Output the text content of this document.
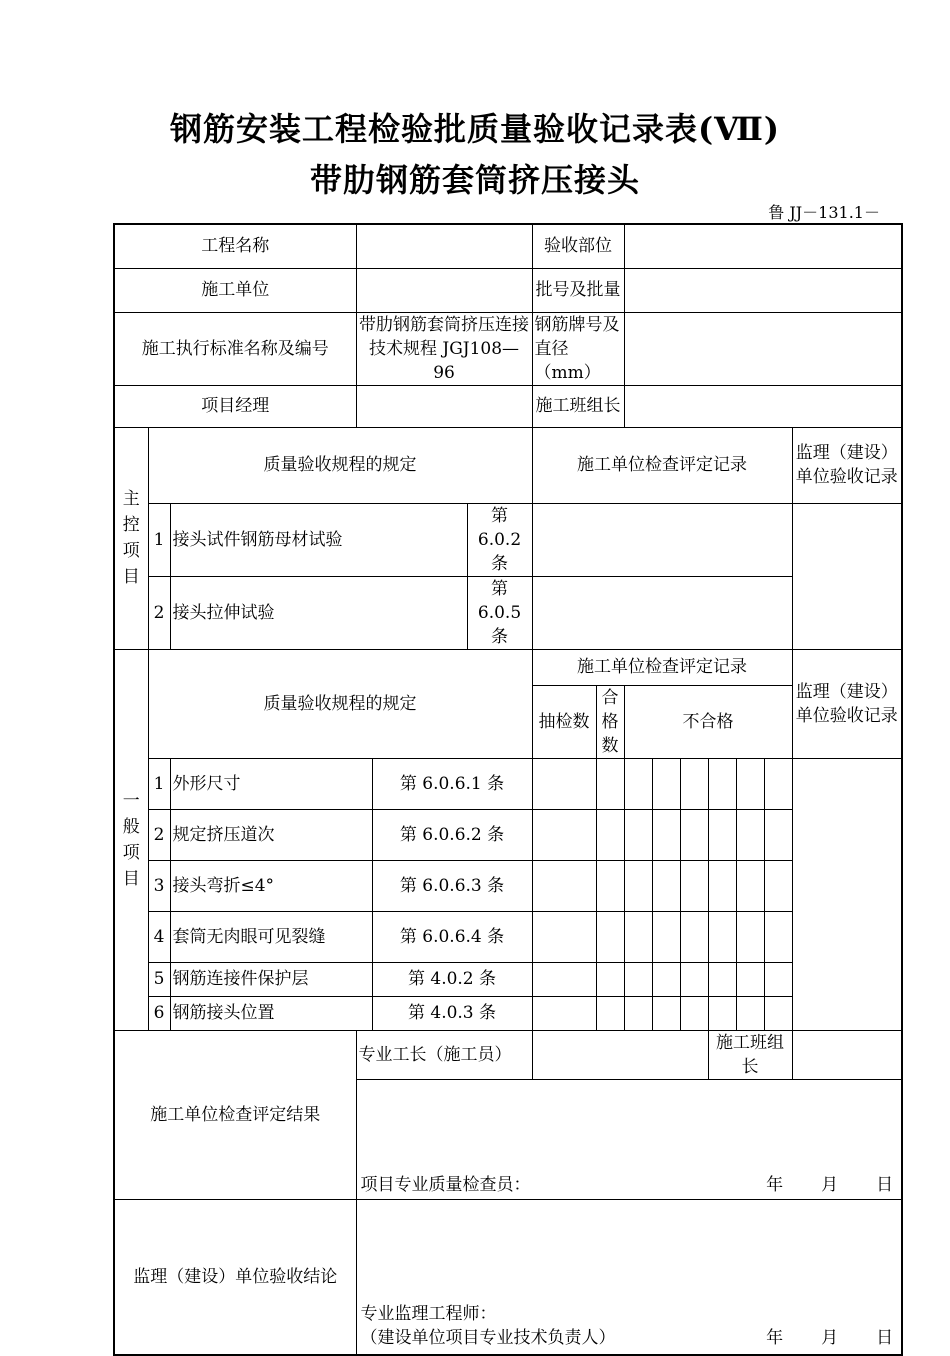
钢筋安装工程检验批质量验收记录表(Ⅶ)
带肋钢筋套筒挤压接头
鲁 JJ－131.1－
工程名称						验收部位								
施工单位						批号及批量								
施工执行标准名称及编号			带肋钢筋套筒挤压连接技术规程 JGJ108—96			钢筋牌号及直径（mm）								
项目经理						施工班组长								
主控项目	质量验收规程的规定					施工单位检查评定记录								监理（建设）单位验收记录
	1	接头试件钢筋母材试验			第 6.0.2 条									
	2	接头拉伸试验			第 6.0.5 条									
一般项目	质量验收规程的规定					施工单位检查评定记录								监理（建设）单位验收记录
						抽检数	合格数	不合格						
	1	外形尺寸		第 6.0.6.1 条										
	2	规定挤压道次		第 6.0.6.2 条										
	3	接头弯折≤4°		第 6.0.6.3 条										
	4	套筒无肉眼可见裂缝		第 6.0.6.4 条										
	5	钢筋连接件保护层		第 4.0.2 条										
	6	钢筋接头位置		第 4.0.3 条										
施工单位检查评定结果			专业工长（施工员）								施工班组长			

			项目专业质量检查员： 年 月 日											

监理（建设）单位验收结论			专业监理工程师：
（建设单位项目专业技术负责人） 年 月 日											
